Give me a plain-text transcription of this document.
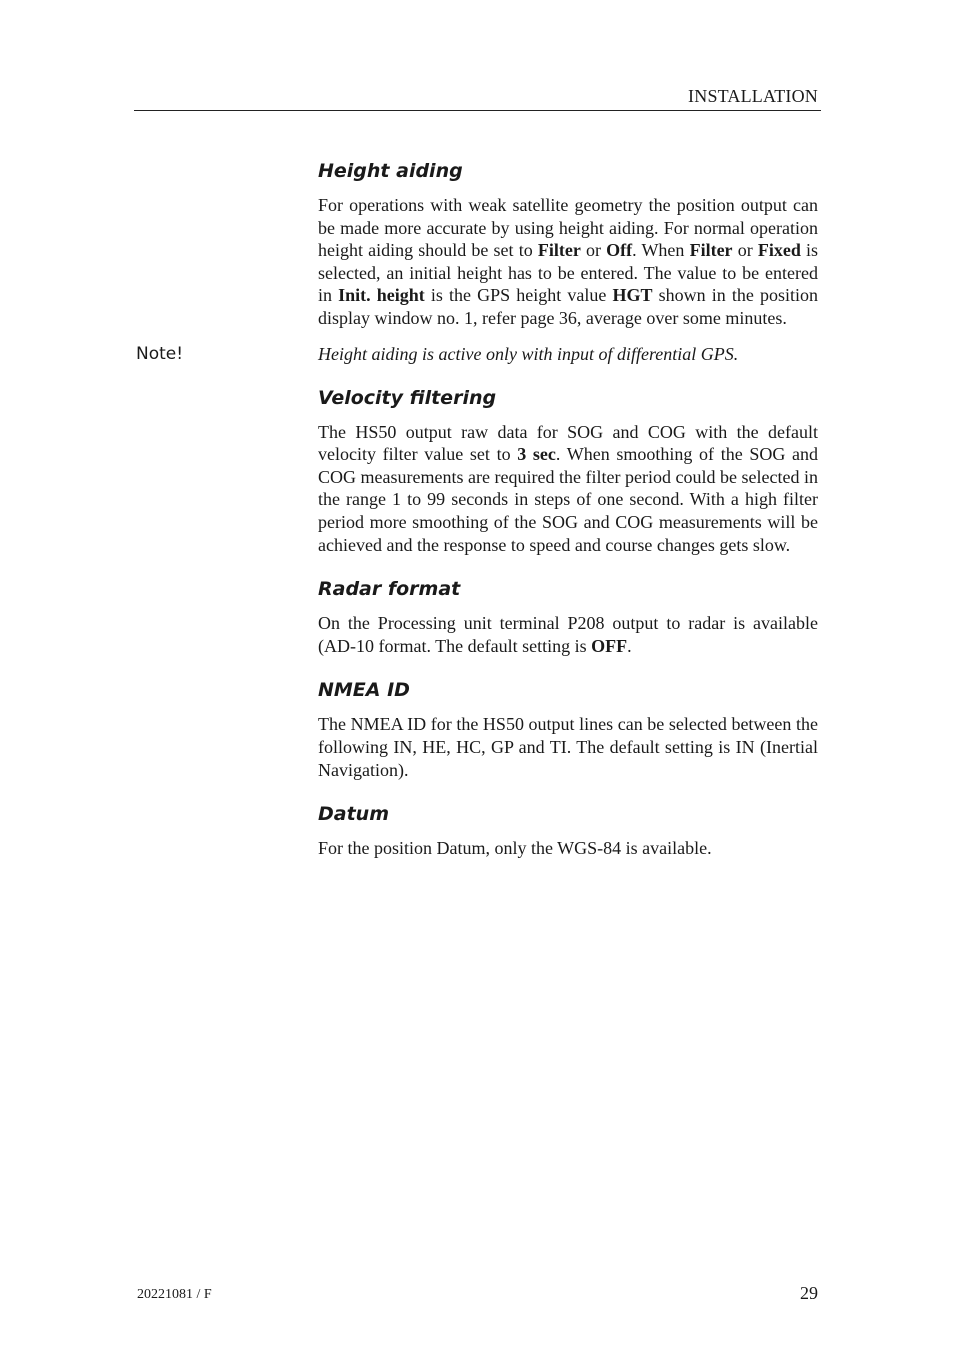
INSTALLATION
Height aiding

For operations with weak satellite geometry the position output can be made more accurate by using height aiding. For normal operation height aiding should be set to Filter or Off. When Filter or Fixed is selected, an initial height has to be entered. The value to be entered in Init. height is the GPS height value HGT shown in the position display window no. 1, refer page 36, average over some minutes.

Note!	Height aiding is active only with input of differential GPS.

Velocity filtering

The HS50 output raw data for SOG and COG with the default velocity filter value set to 3 sec. When smoothing of the SOG and COG measurements are required the filter period could be selected in the range 1 to 99 seconds in steps of one second. With a high filter period more smoothing of the SOG and COG measurements will be achieved and the response to speed and course changes gets slow.

Radar format

On the Processing unit terminal P208 output to radar is available (AD-10 format. The default setting is OFF.

NMEA ID

The NMEA ID for the HS50 output lines can be selected between the following IN, HE, HC, GP and TI. The default setting is IN (Inertial Navigation).

Datum

For the position Datum, only the WGS-84 is available.

20221081 / F	29
